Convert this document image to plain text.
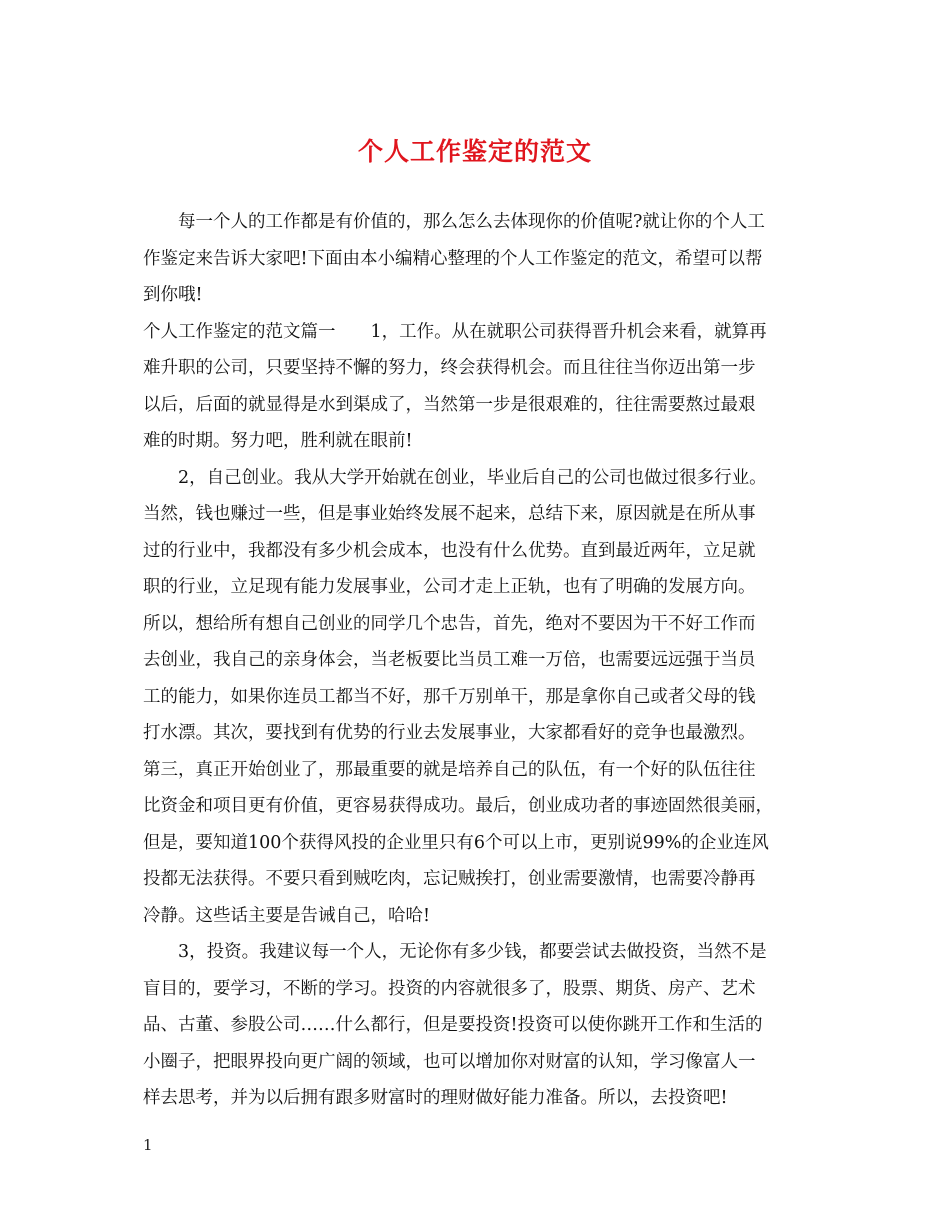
个人工作鉴定的范文
　　每一个人的工作都是有价值的，那么怎么去体现你的价值呢?就让你的个人工
作鉴定来告诉大家吧!下面由本小编精心整理的个人工作鉴定的范文，希望可以帮
到你哦!
个人工作鉴定的范文篇一　　1，工作。从在就职公司获得晋升机会来看，就算再
难升职的公司，只要坚持不懈的努力，终会获得机会。而且往往当你迈出第一步
以后，后面的就显得是水到渠成了，当然第一步是很艰难的，往往需要熬过最艰
难的时期。努力吧，胜利就在眼前!
　　2，自己创业。我从大学开始就在创业，毕业后自己的公司也做过很多行业。
当然，钱也赚过一些，但是事业始终发展不起来，总结下来，原因就是在所从事
过的行业中，我都没有多少机会成本，也没有什么优势。直到最近两年，立足就
职的行业，立足现有能力发展事业，公司才走上正轨，也有了明确的发展方向。
所以，想给所有想自己创业的同学几个忠告，首先，绝对不要因为干不好工作而
去创业，我自己的亲身体会，当老板要比当员工难一万倍，也需要远远强于当员
工的能力，如果你连员工都当不好，那千万别单干，那是拿你自己或者父母的钱
打水漂。其次，要找到有优势的行业去发展事业，大家都看好的竞争也最激烈。
第三，真正开始创业了，那最重要的就是培养自己的队伍，有一个好的队伍往往
比资金和项目更有价值，更容易获得成功。最后，创业成功者的事迹固然很美丽，
但是，要知道100个获得风投的企业里只有6个可以上市，更别说99%的企业连风
投都无法获得。不要只看到贼吃肉，忘记贼挨打，创业需要激情，也需要冷静再
冷静。这些话主要是告诫自己，哈哈!
　　3，投资。我建议每一个人，无论你有多少钱，都要尝试去做投资，当然不是
盲目的，要学习，不断的学习。投资的内容就很多了，股票、期货、房产、艺术
品、古董、参股公司……什么都行，但是要投资!投资可以使你跳开工作和生活的
小圈子，把眼界投向更广阔的领域，也可以增加你对财富的认知，学习像富人一
样去思考，并为以后拥有跟多财富时的理财做好能力准备。所以，去投资吧!
1
